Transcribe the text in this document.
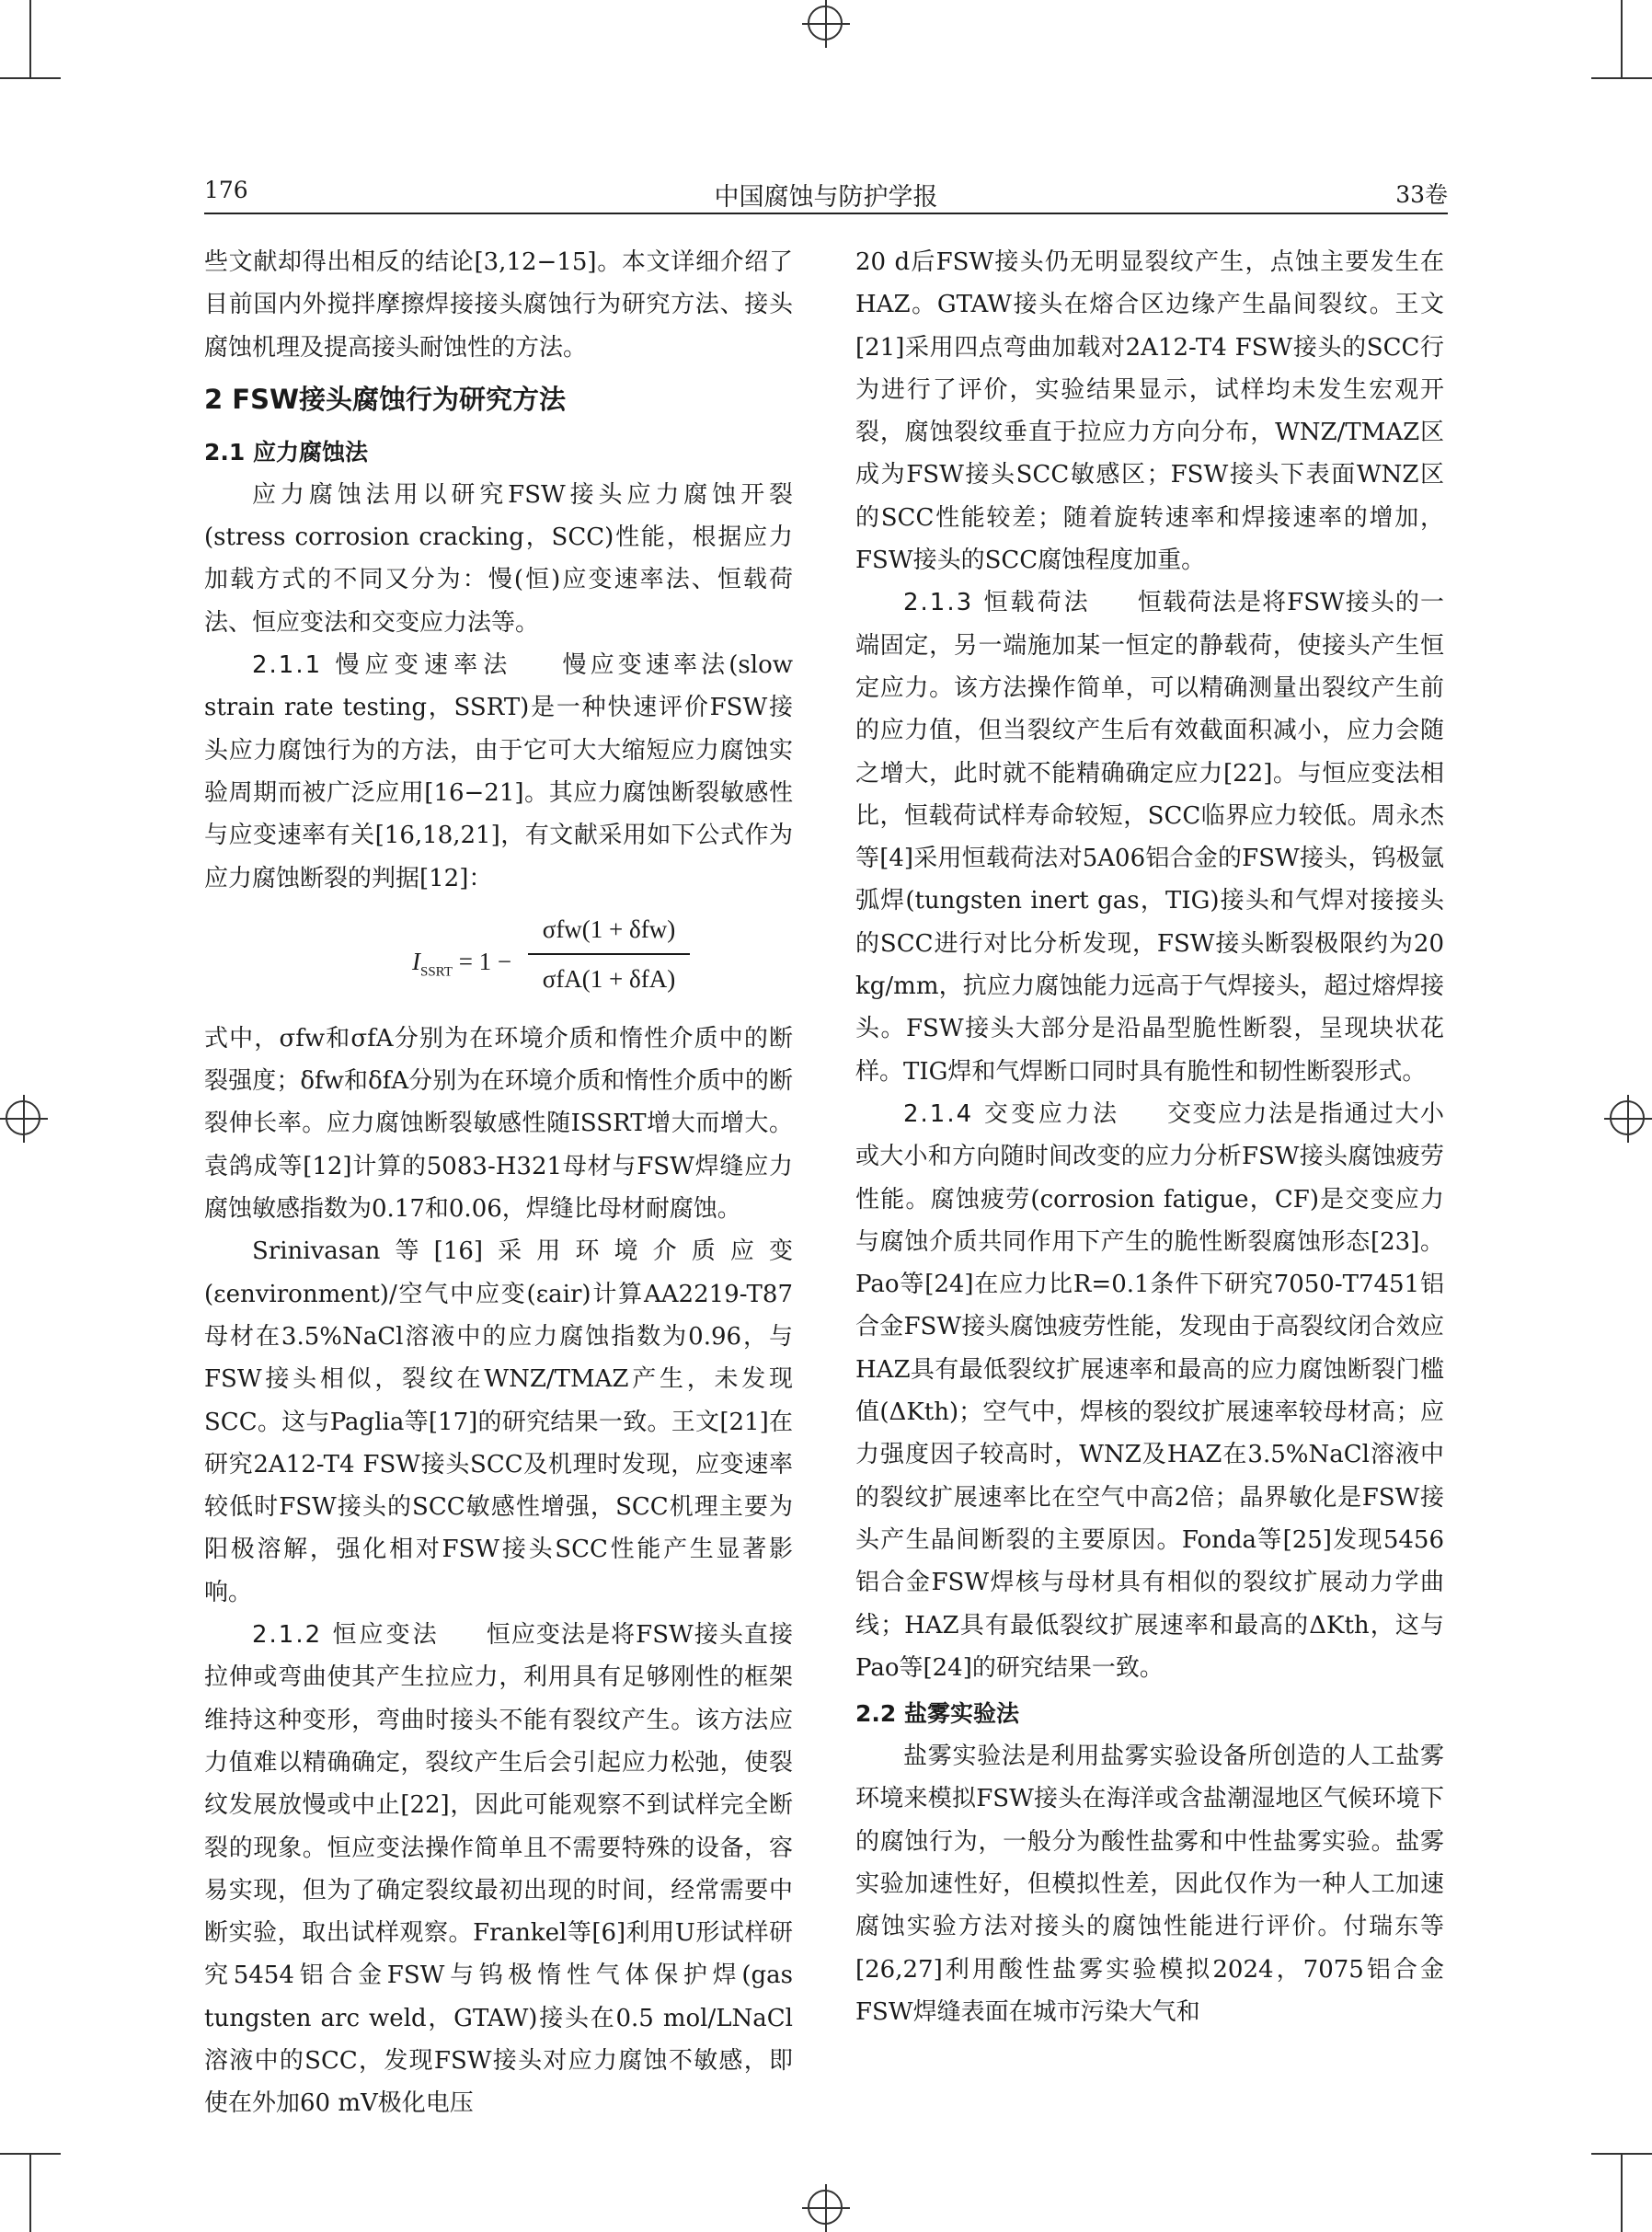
176	中国腐蚀与防护学报	33卷

些文献却得出相反的结论[3,12−15]。本文详细介绍了目前国内外搅拌摩擦焊接接头腐蚀行为研究方法、接头腐蚀机理及提高接头耐蚀性的方法。

2 FSW接头腐蚀行为研究方法
2.1 应力腐蚀法

应力腐蚀法用以研究FSW接头应力腐蚀开裂(stress corrosion cracking，SCC)性能，根据应力加载方式的不同又分为：慢(恒)应变速率法、恒载荷法、恒应变法和交变应力法等。

2.1.1 慢应变速率法 慢应变速率法(slow strain rate testing，SSRT)是一种快速评价FSW接头应力腐蚀行为的方法，由于它可大大缩短应力腐蚀实验周期而被广泛应用[16−21]。其应力腐蚀断裂敏感性与应变速率有关[16,18,21]，有文献采用如下公式作为应力腐蚀断裂的判据[12]：

$I_{SSRT} = 1$ −
σfw(1 + δfw)
σfA(1 + δfA)

式中，σfw和σfA分别为在环境介质和惰性介质中的断裂强度；δfw和δfA分别为在环境介质和惰性介质中的断裂伸长率。应力腐蚀断裂敏感性随ISSRT增大而增大。袁鸽成等[12]计算的5083-H321母材与FSW焊缝应力腐蚀敏感指数为0.17和0.06，焊缝比母材耐腐蚀。

Srinivasan等[16]采用环境介质应变(εenvironment)/空气中应变(εair)计算AA2219-T87母材在3.5%NaCl溶液中的应力腐蚀指数为0.96，与FSW接头相似，裂纹在WNZ/TMAZ产生，未发现SCC。这与Paglia等[17]的研究结果一致。王文[21]在研究2A12-T4 FSW接头SCC及机理时发现，应变速率较低时FSW接头的SCC敏感性增强，SCC机理主要为阳极溶解，强化相对FSW接头SCC性能产生显著影响。

2.1.2 恒应变法 恒应变法是将FSW接头直接拉伸或弯曲使其产生拉应力，利用具有足够刚性的框架维持这种变形，弯曲时接头不能有裂纹产生。该方法应力值难以精确确定，裂纹产生后会引起应力松弛，使裂纹发展放慢或中止[22]，因此可能观察不到试样完全断裂的现象。恒应变法操作简单且不需要特殊的设备，容易实现，但为了确定裂纹最初出现的时间，经常需要中断实验，取出试样观察。Frankel等[6]利用U形试样研究5454铝合金FSW与钨极惰性气体保护焊(gas tungsten arc weld，GTAW)接头在0.5 mol/LNaCl溶液中的SCC，发现FSW接头对应力腐蚀不敏感，即使在外加60 mV极化电压

20 d后FSW接头仍无明显裂纹产生，点蚀主要发生在HAZ。GTAW接头在熔合区边缘产生晶间裂纹。王文[21]采用四点弯曲加载对2A12-T4 FSW接头的SCC行为进行了评价，实验结果显示，试样均未发生宏观开裂，腐蚀裂纹垂直于拉应力方向分布，WNZ/TMAZ区成为FSW接头SCC敏感区；FSW接头下表面WNZ区的SCC性能较差；随着旋转速率和焊接速率的增加，FSW接头的SCC腐蚀程度加重。

2.1.3 恒载荷法 恒载荷法是将FSW接头的一端固定，另一端施加某一恒定的静载荷，使接头产生恒定应力。该方法操作简单，可以精确测量出裂纹产生前的应力值，但当裂纹产生后有效截面积减小，应力会随之增大，此时就不能精确确定应力[22]。与恒应变法相比，恒载荷试样寿命较短，SCC临界应力较低。周永杰等[4]采用恒载荷法对5A06铝合金的FSW接头，钨极氩弧焊(tungsten inert gas，TIG)接头和气焊对接接头的SCC进行对比分析发现，FSW接头断裂极限约为20 kg/mm，抗应力腐蚀能力远高于气焊接头，超过熔焊接头。FSW接头大部分是沿晶型脆性断裂，呈现块状花样。TIG焊和气焊断口同时具有脆性和韧性断裂形式。

2.1.4 交变应力法 交变应力法是指通过大小或大小和方向随时间改变的应力分析FSW接头腐蚀疲劳性能。腐蚀疲劳(corrosion fatigue，CF)是交变应力与腐蚀介质共同作用下产生的脆性断裂腐蚀形态[23]。Pao等[24]在应力比R=0.1条件下研究7050-T7451铝合金FSW接头腐蚀疲劳性能，发现由于高裂纹闭合效应HAZ具有最低裂纹扩展速率和最高的应力腐蚀断裂门槛值(ΔKth)；空气中，焊核的裂纹扩展速率较母材高；应力强度因子较高时，WNZ及HAZ在3.5%NaCl溶液中的裂纹扩展速率比在空气中高2倍；晶界敏化是FSW接头产生晶间断裂的主要原因。Fonda等[25]发现5456铝合金FSW焊核与母材具有相似的裂纹扩展动力学曲线；HAZ具有最低裂纹扩展速率和最高的ΔKth，这与Pao等[24]的研究结果一致。

2.2 盐雾实验法

盐雾实验法是利用盐雾实验设备所创造的人工盐雾环境来模拟FSW接头在海洋或含盐潮湿地区气候环境下的腐蚀行为，一般分为酸性盐雾和中性盐雾实验。盐雾实验加速性好，但模拟性差，因此仅作为一种人工加速腐蚀实验方法对接头的腐蚀性能进行评价。付瑞东等[26,27]利用酸性盐雾实验模拟2024，7075铝合金FSW焊缝表面在城市污染大气和
